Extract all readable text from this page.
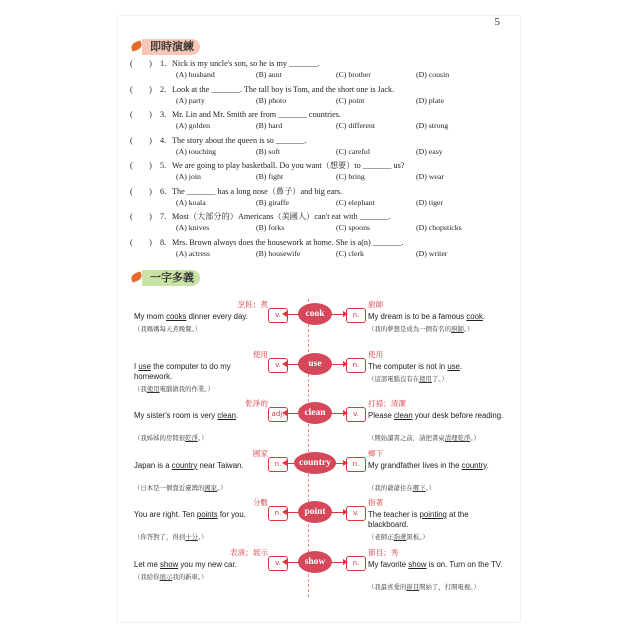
5
即時演練
(　　) 1. Nick is my uncle's son, so he is my _______.
(A) husband	(B) aunt	(C) brother	(D) cousin
(　　) 2. Look at the _______. The tall boy is Tom, and the short one is Jack.
(A) party	(B) photo	(C) point	(D) plate
(　　) 3. Mr. Lin and Mr. Smith are from _______ countries.
(A) golden	(B) hard	(C) different	(D) strong
(　　) 4. The story about the queen is so _______.
(A) touching	(B) soft	(C) careful	(D) easy
(　　) 5. We are going to play basketball. Do you want（想要）to _______ us?
(A) join	(B) fight	(C) bring	(D) wear
(　　) 6. The _______ has a long nose（鼻子）and big ears.
(A) koala	(B) giraffe	(C) elephant	(D) tiger
(　　) 7. Most（大部分的）Americans（美國人）can't eat with _______.
(A) knives	(B) forks	(C) spoons	(D) chopsticks
(　　) 8. Mrs. Brown always does the housework at home. She is a(n) _______.
(A) actress	(B) housewife	(C) clerk	(D) writer
一字多義
烹飪；煮	廚師
My mom cooks dinner every day.	My dream is to be a famous cook.
（我媽媽每天煮晚餐。）	（我的夢想是成為一個有名的廚師。）
v.	n.
cook
使用	使用
I use the computer to do my homework.
The computer is not in use.
（我使用電腦做我的作業。）
（這部電腦沒有在使用了。）
v.	n.
use
乾淨的	打掃；清潔
My sister's room is very clean.	Please clean your desk before reading.
（我姊姊的房間很乾淨。）	（開始讀書之前，請把書桌清理乾淨。）
adj.	v.
clean
國家	鄉下
Japan is a country near Taiwan.	My grandfather lives in the country.
（日本是一個靠近臺灣的國家。）	（我的爺爺住在鄉下。）
n.	n.
country
分數	指著
You are right. Ten points for you.	The teacher is pointing at the blackboard.
（你答對了，得到十分。）	（老師正指著黑板。）
n.	v.
point
表演；展示	節目；秀
Let me show you my new car.	My favorite show is on. Turn on the TV.
（我給你展示我的新車。）
（我最喜愛的節目開始了，打開電視。）
v.	n.
show
